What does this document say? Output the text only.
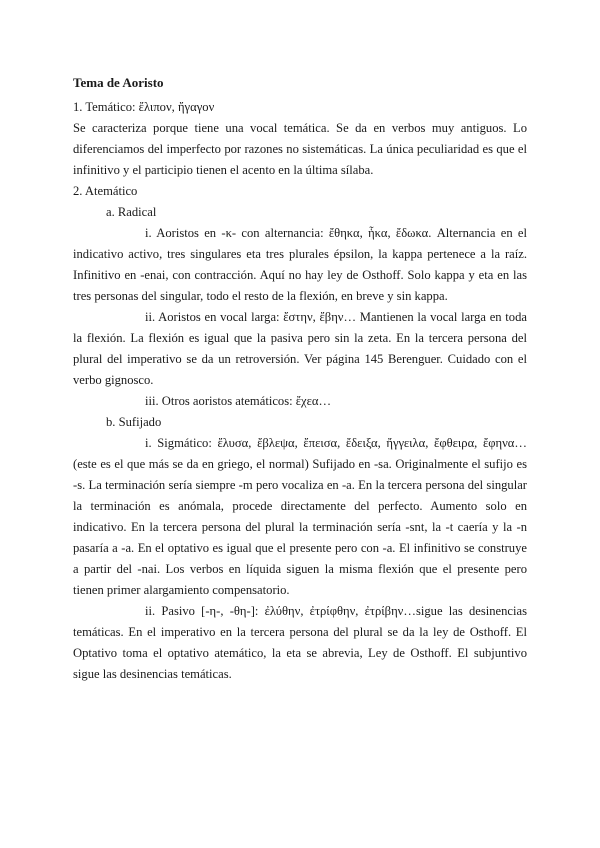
Tema de Aoristo

1. Temático: ἔλιπον, ἤγαγον

Se caracteriza porque tiene una vocal temática. Se da en verbos muy antiguos. Lo diferenciamos del imperfecto por razones no sistemáticas. La única peculiaridad es que el infinitivo y el participio tienen el acento en la última sílaba.

2. Atemático

a. Radical

i. Aoristos en -κ- con alternancia: ἔθηκα, ἧκα, ἔδωκα. Alternancia en el indicativo activo, tres singulares eta tres plurales épsilon, la kappa pertenece a la raíz. Infinitivo en -enai, con contracción. Aquí no hay ley de Osthoff. Solo kappa y eta en las tres personas del singular, todo el resto de la flexión, en breve y sin kappa.

ii. Aoristos en vocal larga: ἔστην, ἔβην… Mantienen la vocal larga en toda la flexión. La flexión es igual que la pasiva pero sin la zeta. En la tercera persona del plural del imperativo se da un retroversión. Ver página 145 Berenguer. Cuidado con el verbo gignosco.

iii. Otros aoristos atemáticos: ἔχεα…

b. Sufijado

i. Sigmático: ἔλυσα, ἔβλεψα, ἔπεισα, ἔδειξα, ἤγγειλα, ἔφθειρα, ἔφηνα… (este es el que más se da en griego, el normal) Sufijado en -sa. Originalmente el sufijo es -s. La terminación sería siempre -m pero vocaliza en -a. En la tercera persona del singular la terminación es anómala, procede directamente del perfecto. Aumento solo en indicativo. En la tercera persona del plural la terminación sería -snt, la -t caería y la -n pasaría a -a. En el optativo es igual que el presente pero con -a. El infinitivo se construye a partir del -nai. Los verbos en líquida siguen la misma flexión que el presente pero tienen primer alargamiento compensatorio.

ii. Pasivo [-η-, -θη-]: ἐλύθην, ἐτρίφθην, ἐτρίβην…sigue las desinencias temáticas. En el imperativo en la tercera persona del plural se da la ley de Osthoff. El Optativo toma el optativo atemático, la eta se abrevia, Ley de Osthoff. El subjuntivo sigue las desinencias temáticas.
